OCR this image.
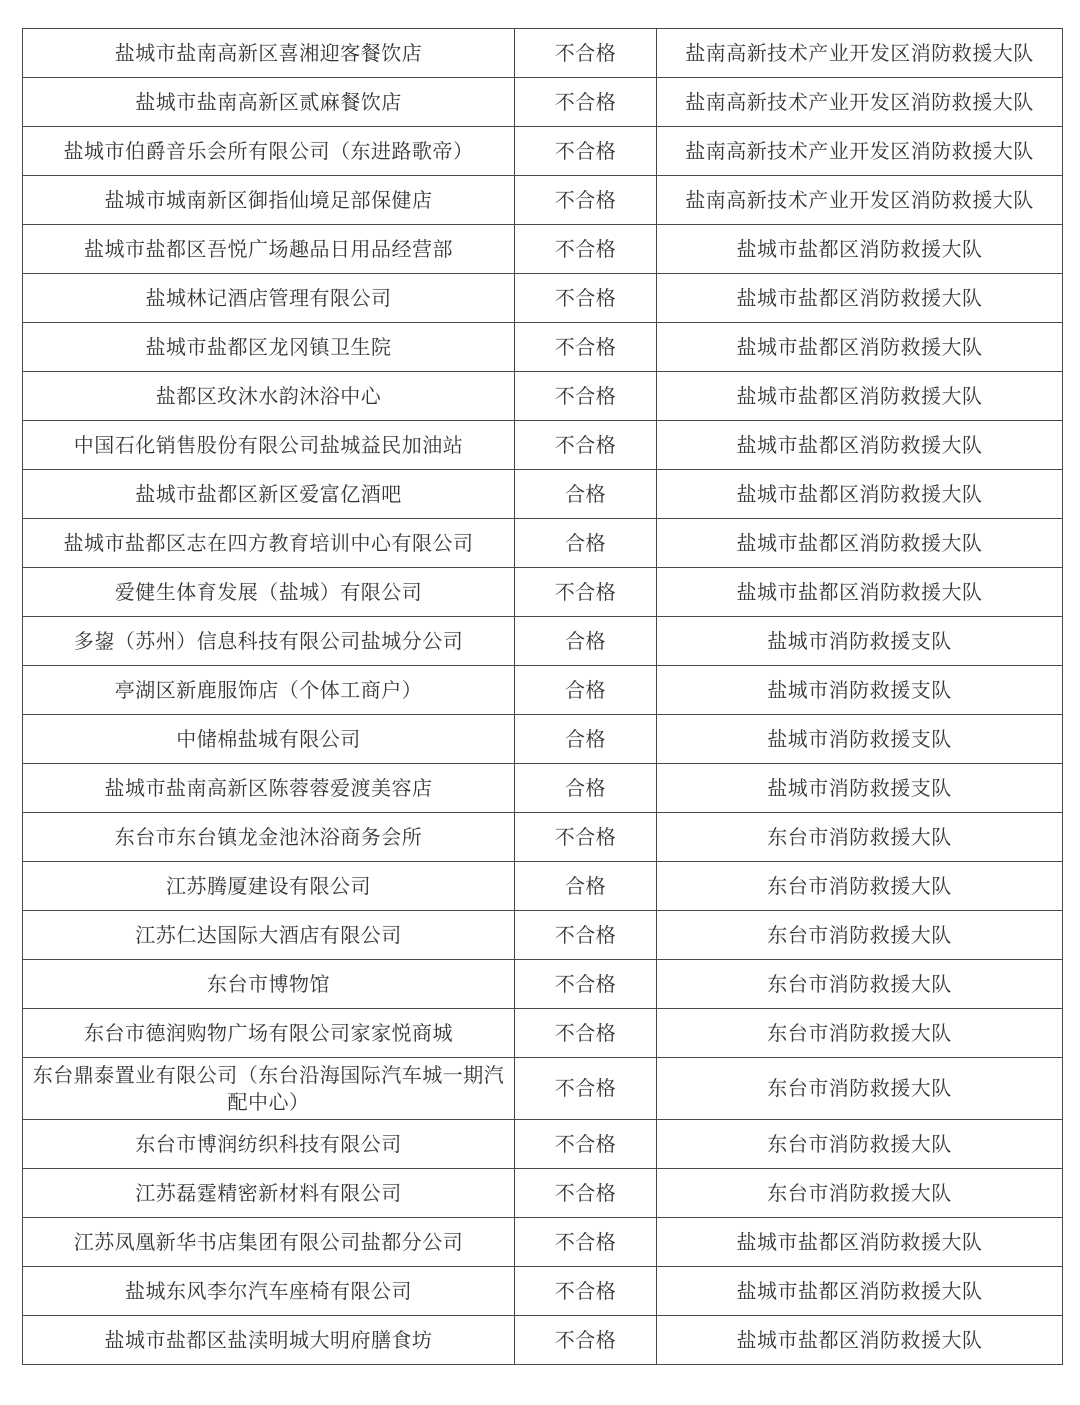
盐城市盐南高新区喜湘迎客餐饮店	不合格	盐南高新技术产业开发区消防救援大队
盐城市盐南高新区贰麻餐饮店	不合格	盐南高新技术产业开发区消防救援大队
盐城市伯爵音乐会所有限公司（东进路歌帝）	不合格	盐南高新技术产业开发区消防救援大队
盐城市城南新区御指仙境足部保健店	不合格	盐南高新技术产业开发区消防救援大队
盐城市盐都区吾悦广场趣品日用品经营部	不合格	盐城市盐都区消防救援大队
盐城林记酒店管理有限公司	不合格	盐城市盐都区消防救援大队
盐城市盐都区龙冈镇卫生院	不合格	盐城市盐都区消防救援大队
盐都区玫沐水韵沐浴中心	不合格	盐城市盐都区消防救援大队
中国石化销售股份有限公司盐城益民加油站	不合格	盐城市盐都区消防救援大队
盐城市盐都区新区爱富亿酒吧	合格	盐城市盐都区消防救援大队
盐城市盐都区志在四方教育培训中心有限公司	合格	盐城市盐都区消防救援大队
爱健生体育发展（盐城）有限公司	不合格	盐城市盐都区消防救援大队
多鋆（苏州）信息科技有限公司盐城分公司	合格	盐城市消防救援支队
亭湖区新鹿服饰店（个体工商户）	合格	盐城市消防救援支队
中储棉盐城有限公司	合格	盐城市消防救援支队
盐城市盐南高新区陈蓉蓉爱渡美容店	合格	盐城市消防救援支队
东台市东台镇龙金池沐浴商务会所	不合格	东台市消防救援大队
江苏腾厦建设有限公司	合格	东台市消防救援大队
江苏仁达国际大酒店有限公司	不合格	东台市消防救援大队
东台市博物馆	不合格	东台市消防救援大队
东台市德润购物广场有限公司家家悦商城	不合格	东台市消防救援大队
东台鼎泰置业有限公司（东台沿海国际汽车城一期汽配中心）	不合格	东台市消防救援大队
东台市博润纺织科技有限公司	不合格	东台市消防救援大队
江苏磊霆精密新材料有限公司	不合格	东台市消防救援大队
江苏凤凰新华书店集团有限公司盐都分公司	不合格	盐城市盐都区消防救援大队
盐城东风李尔汽车座椅有限公司	不合格	盐城市盐都区消防救援大队
盐城市盐都区盐渎明城大明府膳食坊	不合格	盐城市盐都区消防救援大队
